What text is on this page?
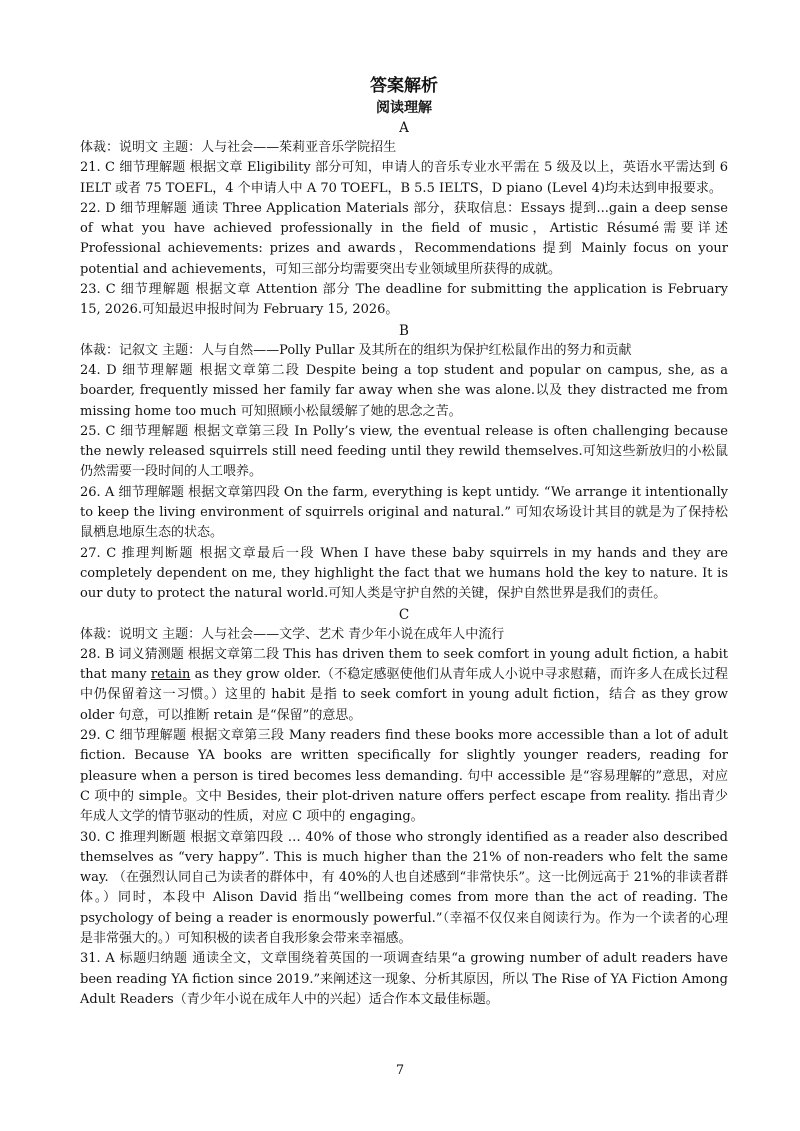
答案解析

阅读理解

A

体裁：说明文 主题：人与社会——茱莉亚音乐学院招生

21. C 细节理解题 根据文章 Eligibility 部分可知，申请人的音乐专业水平需在 5 级及以上，英语水平需达到 6 IELT 或者 75 TOEFL，4 个申请人中 A 70 TOEFL，B 5.5 IELTS，D piano (Level 4)均未达到申报要求。

22. D 细节理解题 通读 Three Application Materials 部分，获取信息：Essays 提到...gain a deep sense of what you have achieved professionally in the field of music，Artistic Résumé需要详述 Professional achievements: prizes and awards，Recommendations 提到 Mainly focus on your potential and achievements，可知三部分均需要突出专业领域里所获得的成就。

23. C 细节理解题 根据文章 Attention 部分 The deadline for submitting the application is February 15, 2026.可知最迟申报时间为 February 15, 2026。

B

体裁：记叙文 主题：人与自然——Polly Pullar 及其所在的组织为保护红松鼠作出的努力和贡献

24. D 细节理解题 根据文章第二段 Despite being a top student and popular on campus, she, as a boarder, frequently missed her family far away when she was alone.以及 they distracted me from missing home too much 可知照顾小松鼠缓解了她的思念之苦。

25. C 细节理解题 根据文章第三段 In Polly’s view, the eventual release is often challenging because the newly released squirrels still need feeding until they rewild themselves.可知这些新放归的小松鼠仍然需要一段时间的人工喂养。

26. A 细节理解题 根据文章第四段 On the farm, everything is kept untidy. “We arrange it intentionally to keep the living environment of squirrels original and natural.” 可知农场设计其目的就是为了保持松鼠栖息地原生态的状态。

27. C 推理判断题 根据文章最后一段 When I have these baby squirrels in my hands and they are completely dependent on me, they highlight the fact that we humans hold the key to nature. It is our duty to protect the natural world.可知人类是守护自然的关键，保护自然世界是我们的责任。

C

体裁：说明文 主题：人与社会——文学、艺术 青少年小说在成年人中流行

28. B 词义猜测题 根据文章第二段 This has driven them to seek comfort in young adult fiction, a habit that many retain as they grow older.（不稳定感驱使他们从青年成人小说中寻求慰藉，而许多人在成长过程中仍保留着这一习惯。）这里的 habit 是指 to seek comfort in young adult fiction，结合 as they grow older 句意，可以推断 retain 是“保留”的意思。

29. C 细节理解题 根据文章第三段 Many readers find these books more accessible than a lot of adult fiction. Because YA books are written specifically for slightly younger readers, reading for pleasure when a person is tired becomes less demanding. 句中 accessible 是“容易理解的”意思，对应 C 项中的 simple。文中 Besides, their plot-driven nature offers perfect escape from reality. 指出青少年成人文学的情节驱动的性质，对应 C 项中的 engaging。

30. C 推理判断题 根据文章第四段 … 40% of those who strongly identified as a reader also described themselves as “very happy”. This is much higher than the 21% of non-readers who felt the same way. （在强烈认同自己为读者的群体中，有 40%的人也自述感到“非常快乐”。这一比例远高于 21%的非读者群体。）同时，本段中 Alison David 指出“wellbeing comes from more than the act of reading. The psychology of being a reader is enormously powerful.”（幸福不仅仅来自阅读行为。作为一个读者的心理是非常强大的。）可知积极的读者自我形象会带来幸福感。

31. A 标题归纳题 通读全文，文章围绕着英国的一项调查结果“a growing number of adult readers have been reading YA fiction since 2019.”来阐述这一现象、分析其原因，所以 The Rise of YA Fiction Among Adult Readers（青少年小说在成年人中的兴起）适合作本文最佳标题。

7
